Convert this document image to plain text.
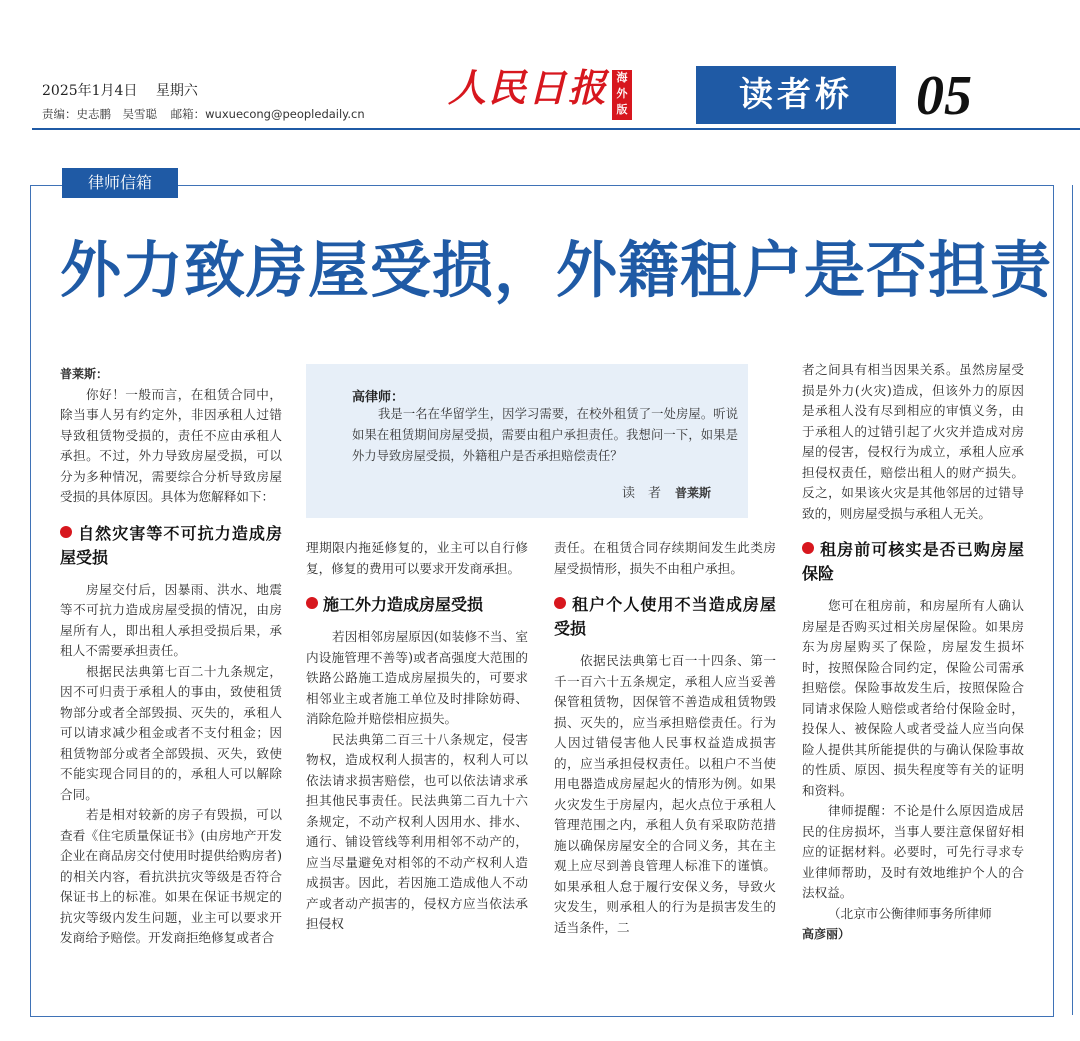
2025年1月4日 星期六
责编：史志鹏　吴雪聪 邮箱：wuxuecong@peopledaily.cn
人民日报 海外版	读者桥	05
律师信箱
外力致房屋受损，外籍租户是否担责
高律师：
我是一名在华留学生，因学习需要，在校外租赁了一处房屋。听说如果在租赁期间房屋受损，需要由租户承担责任。我想问一下，如果是外力导致房屋受损，外籍租户是否承担赔偿责任？
读　者 普莱斯

普莱斯：

你好！一般而言，在租赁合同中，除当事人另有约定外，非因承租人过错导致租赁物受损的，责任不应由承租人承担。不过，外力导致房屋受损，可以分为多种情况，需要综合分析导致房屋受损的具体原因。具体为您解释如下：

自然灾害等不可抗力造成房屋受损

房屋交付后，因暴雨、洪水、地震等不可抗力造成房屋受损的情况，由房屋所有人，即出租人承担受损后果，承租人不需要承担责任。

根据民法典第七百二十九条规定，因不可归责于承租人的事由，致使租赁物部分或者全部毁损、灭失的，承租人可以请求减少租金或者不支付租金；因租赁物部分或者全部毁损、灭失，致使不能实现合同目的的，承租人可以解除合同。

若是相对较新的房子有毁损，可以查看《住宅质量保证书》(由房地产开发企业在商品房交付使用时提供给购房者)的相关内容，看抗洪抗灾等级是否符合保证书上的标准。如果在保证书规定的抗灾等级内发生问题，业主可以要求开发商给予赔偿。开发商拒绝修复或者合

理期限内拖延修复的，业主可以自行修复，修复的费用可以要求开发商承担。

施工外力造成房屋受损

若因相邻房屋原因(如装修不当、室内设施管理不善等)或者高强度大范围的铁路公路施工造成房屋损失的，可要求相邻业主或者施工单位及时排除妨碍、消除危险并赔偿相应损失。

民法典第二百三十八条规定，侵害物权，造成权利人损害的，权利人可以依法请求损害赔偿，也可以依法请求承担其他民事责任。民法典第二百九十六条规定，不动产权利人因用水、排水、通行、铺设管线等利用相邻不动产的，应当尽量避免对相邻的不动产权利人造成损害。因此，若因施工造成他人不动产或者动产损害的，侵权方应当依法承担侵权

责任。在租赁合同存续期间发生此类房屋受损情形，损失不由租户承担。

租户个人使用不当造成房屋受损

依据民法典第七百一十四条、第一千一百六十五条规定，承租人应当妥善保管租赁物，因保管不善造成租赁物毁损、灭失的，应当承担赔偿责任。行为人因过错侵害他人民事权益造成损害的，应当承担侵权责任。以租户不当使用电器造成房屋起火的情形为例。如果火灾发生于房屋内，起火点位于承租人管理范围之内，承租人负有采取防范措施以确保房屋安全的合同义务，其在主观上应尽到善良管理人标准下的谨慎。如果承租人怠于履行安保义务，导致火灾发生，则承租人的行为是损害发生的适当条件，二

者之间具有相当因果关系。虽然房屋受损是外力(火灾)造成，但该外力的原因是承租人没有尽到相应的审慎义务，由于承租人的过错引起了火灾并造成对房屋的侵害，侵权行为成立，承租人应承担侵权责任，赔偿出租人的财产损失。反之，如果该火灾是其他邻居的过错导致的，则房屋受损与承租人无关。

租房前可核实是否已购房屋保险

您可在租房前，和房屋所有人确认房屋是否购买过相关房屋保险。如果房东为房屋购买了保险，房屋发生损坏时，按照保险合同约定，保险公司需承担赔偿。保险事故发生后，按照保险合同请求保险人赔偿或者给付保险金时，投保人、被保险人或者受益人应当向保险人提供其所能提供的与确认保险事故的性质、原因、损失程度等有关的证明和资料。

律师提醒：不论是什么原因造成居民的住房损坏，当事人要注意保留好相应的证据材料。必要时，可先行寻求专业律师帮助，及时有效地维护个人的合法权益。

（北京市公衡律师事务所律师
高彦丽）
